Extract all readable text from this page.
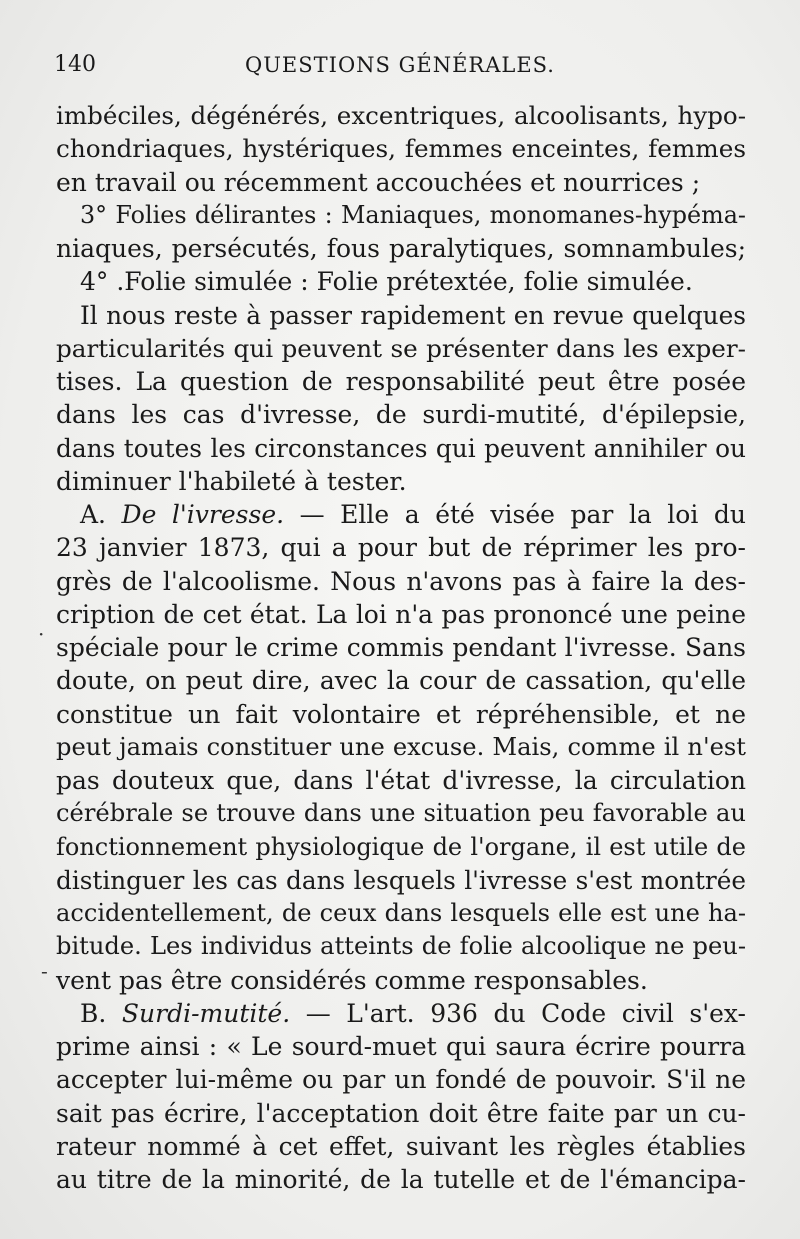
140	QUESTIONS GÉNÉRALES.
·
-
imbéciles, dégénérés, excentriques, alcoolisants, hypo-
chondriaques, hystériques, femmes enceintes, femmes
en travail ou récemment accouchées et nourrices ;
3° Folies délirantes : Maniaques, monomanes-hypéma-
niaques, persécutés, fous paralytiques, somnambules;
4° .Folie simulée : Folie prétextée, folie simulée.
Il nous reste à passer rapidement en revue quelques
particularités qui peuvent se présenter dans les exper-
tises. La question de responsabilité peut être posée
dans les cas d'ivresse, de surdi-mutité, d'épilepsie,
dans toutes les circonstances qui peuvent annihiler ou
diminuer l'habileté à tester.
A. De l'ivresse. — Elle a été visée par la loi du
23 janvier 1873, qui a pour but de réprimer les pro-
grès de l'alcoolisme. Nous n'avons pas à faire la des-
cription de cet état. La loi n'a pas prononcé une peine
spéciale pour le crime commis pendant l'ivresse. Sans
doute, on peut dire, avec la cour de cassation, qu'elle
constitue un fait volontaire et répréhensible, et ne
peut jamais constituer une excuse. Mais, comme il n'est
pas douteux que, dans l'état d'ivresse, la circulation
cérébrale se trouve dans une situation peu favorable au
fonctionnement physiologique de l'organe, il est utile de
distinguer les cas dans lesquels l'ivresse s'est montrée
accidentellement, de ceux dans lesquels elle est une ha-
bitude. Les individus atteints de folie alcoolique ne peu-
vent pas être considérés comme responsables.
B. Surdi-mutité. — L'art. 936 du Code civil s'ex-
prime ainsi : « Le sourd-muet qui saura écrire pourra
accepter lui-même ou par un fondé de pouvoir. S'il ne
sait pas écrire, l'acceptation doit être faite par un cu-
rateur nommé à cet effet, suivant les règles établies
au titre de la minorité, de la tutelle et de l'émancipa-
